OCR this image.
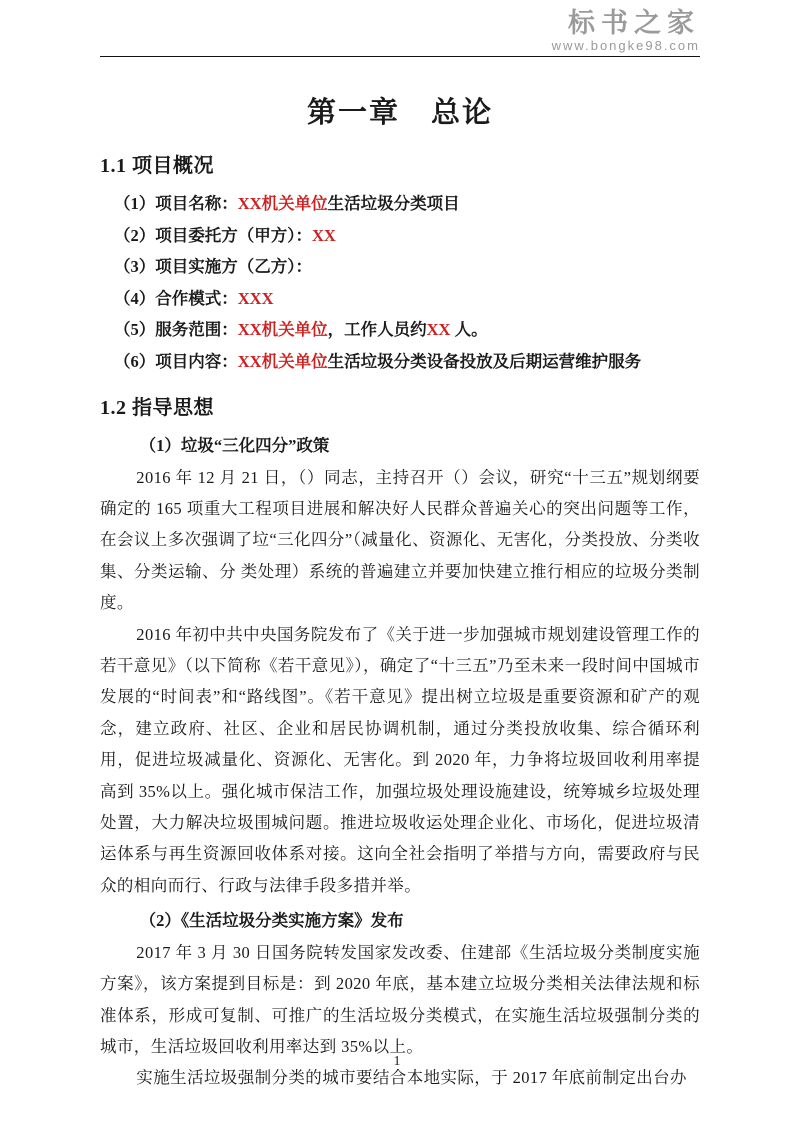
标书之家
www.bongke98.com
第一章　总论
1.1 项目概况
（1）项目名称：XX机关单位生活垃圾分类项目
（2）项目委托方（甲方）：XX
（3）项目实施方（乙方）：
（4）合作模式：XXX
（5）服务范围：XX机关单位，工作人员约XX 人。
（6）项目内容：XX机关单位生活垃圾分类设备投放及后期运营维护服务
1.2 指导思想
（1）垃圾“三化四分”政策

2016 年 12 月 21 日，（）同志，主持召开（）会议，研究“十三五”规划纲要确定的 165 项重大工程项目进展和解决好人民群众普遍关心的突出问题等工作，在会议上多次强调了垃“三化四分”（减量化、资源化、无害化，分类投放、分类收集、分类运输、分 类处理）系统的普遍建立并要加快建立推行相应的垃圾分类制度。

2016 年初中共中央国务院发布了《关于进一步加强城市规划建设管理工作的若干意见》（以下简称《若干意见》），确定了“十三五”乃至未来一段时间中国城市发展的“时间表”和“路线图”。《若干意见》提出树立垃圾是重要资源和矿产的观念，建立政府、社区、企业和居民协调机制，通过分类投放收集、综合循环利用，促进垃圾减量化、资源化、无害化。到 2020 年，力争将垃圾回收利用率提高到 35%以上。强化城市保洁工作，加强垃圾处理设施建设，统筹城乡垃圾处理处置，大力解决垃圾围城问题。推进垃圾收运处理企业化、市场化，促进垃圾清运体系与再生资源回收体系对接。这向全社会指明了举措与方向，需要政府与民众的相向而行、行政与法律手段多措并举。

（2）《生活垃圾分类实施方案》发布

2017 年 3 月 30 日国务院转发国家发改委、住建部《生活垃圾分类制度实施方案》，该方案提到目标是：到 2020 年底，基本建立垃圾分类相关法律法规和标准体系，形成可复制、可推广的生活垃圾分类模式，在实施生活垃圾强制分类的城市，生活垃圾回收利用率达到 35%以上。

实施生活垃圾强制分类的城市要结合本地实际，于 2017 年底前制定出台办

1
